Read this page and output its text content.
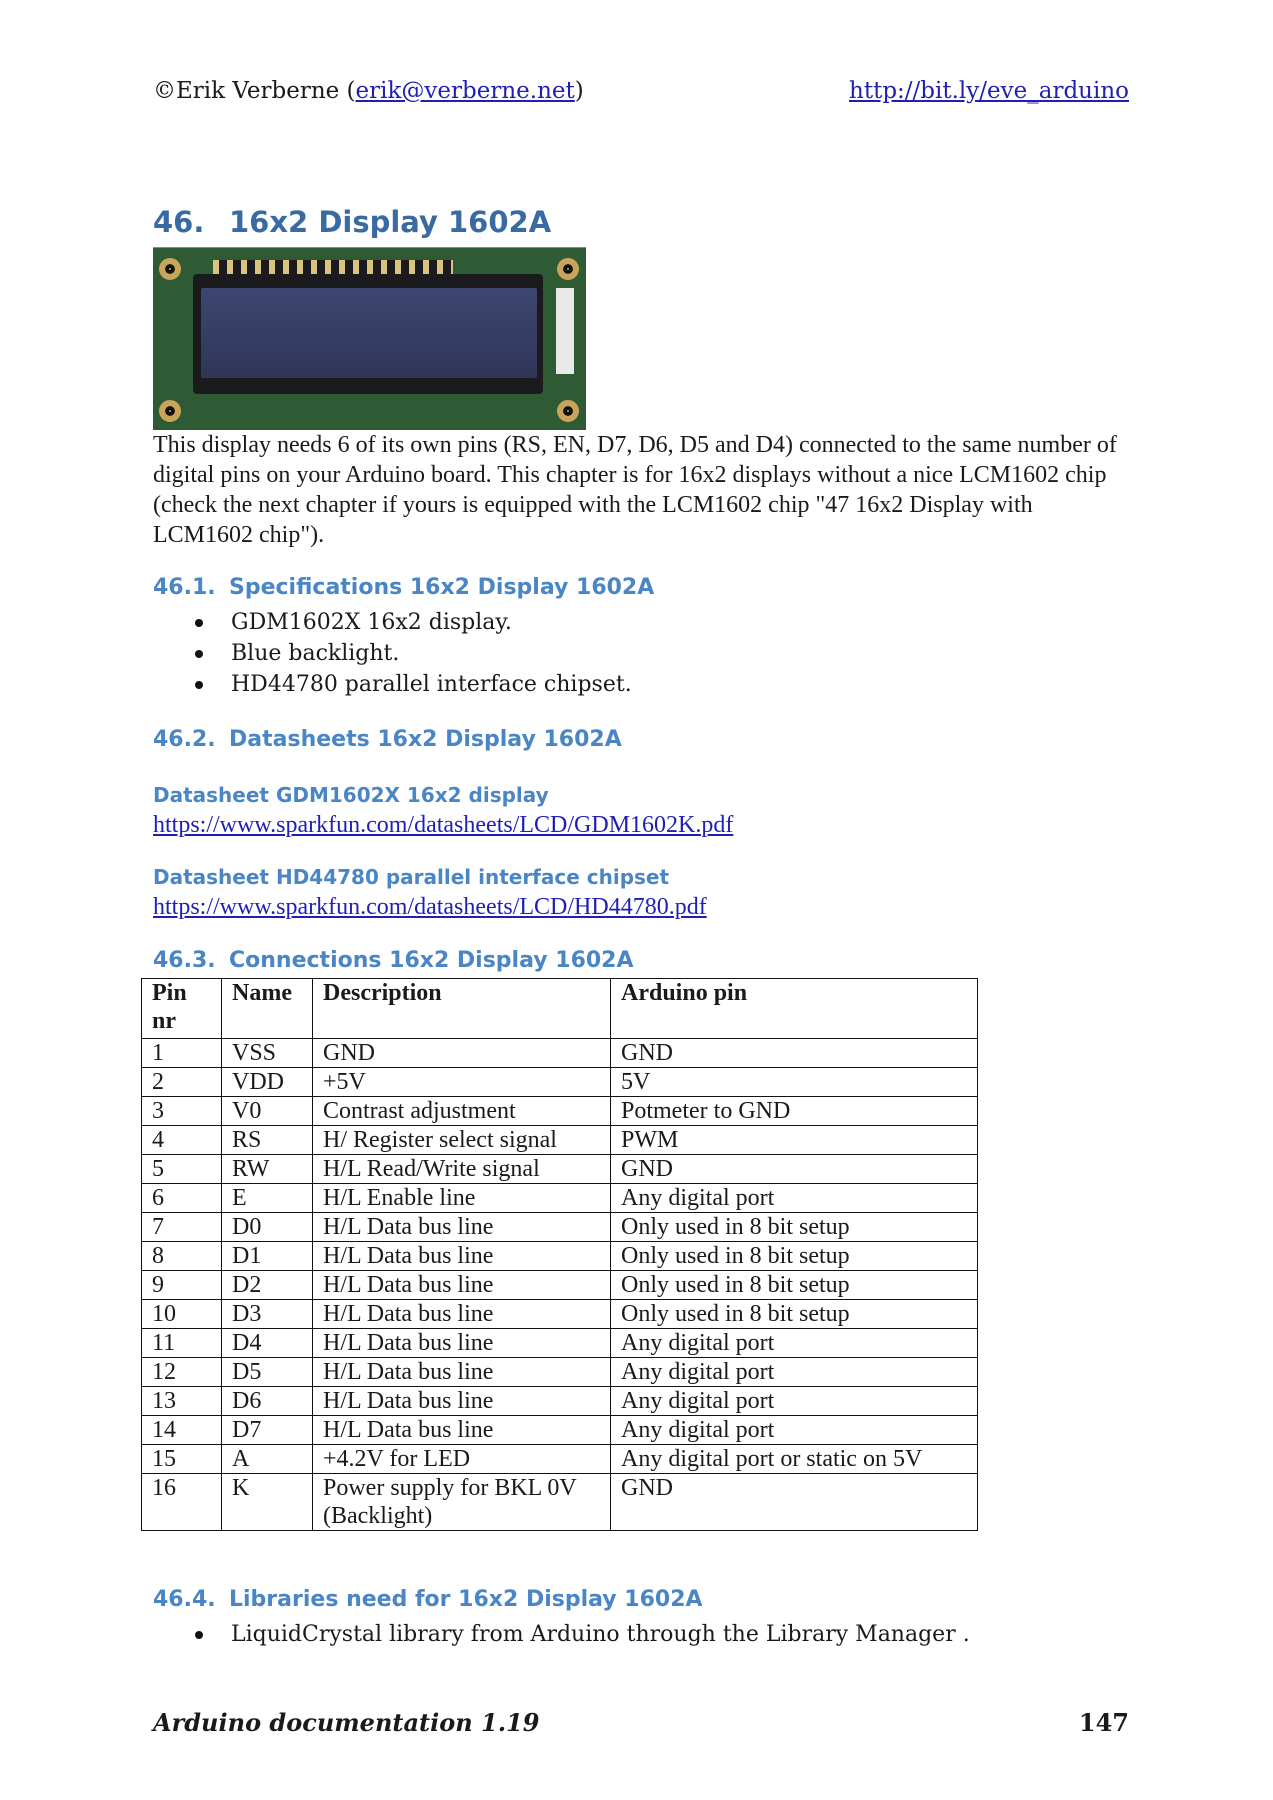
©Erik Verberne (erik@verberne.net)	http://bit.ly/eve_arduino
46. 16x2 Display 1602A

This display needs 6 of its own pins (RS, EN, D7, D6, D5 and D4) connected to the same number of digital pins on your Arduino board. This chapter is for 16x2 displays without a nice LCM1602 chip (check the next chapter if yours is equipped with the LCM1602 chip "47 16x2 Display with LCM1602 chip").

46.1. Specifications 16x2 Display 1602A
GDM1602X 16x2 display.
Blue backlight.
HD44780 parallel interface chipset.
46.2. Datasheets 16x2 Display 1602A
Datasheet GDM1602X 16x2 display
https://www.sparkfun.com/datasheets/LCD/GDM1602K.pdf
Datasheet HD44780 parallel interface chipset
https://www.sparkfun.com/datasheets/LCD/HD44780.pdf
46.3. Connections 16x2 Display 1602A
Pin nr	Name	Description	Arduino pin
1	VSS	GND	GND
2	VDD	+5V	5V
3	V0	Contrast adjustment	Potmeter to GND
4	RS	H/ Register select signal	PWM
5	RW	H/L Read/Write signal	GND
6	E	H/L Enable line	Any digital port
7	D0	H/L Data bus line	Only used in 8 bit setup
8	D1	H/L Data bus line	Only used in 8 bit setup
9	D2	H/L Data bus line	Only used in 8 bit setup
10	D3	H/L Data bus line	Only used in 8 bit setup
11	D4	H/L Data bus line	Any digital port
12	D5	H/L Data bus line	Any digital port
13	D6	H/L Data bus line	Any digital port
14	D7	H/L Data bus line	Any digital port
15	A	+4.2V for LED	Any digital port or static on 5V
16	K	Power supply for BKL 0V (Backlight)	GND
46.4. Libraries need for 16x2 Display 1602A
LiquidCrystal library from Arduino through the Library Manager .
Arduino documentation 1.19	147
